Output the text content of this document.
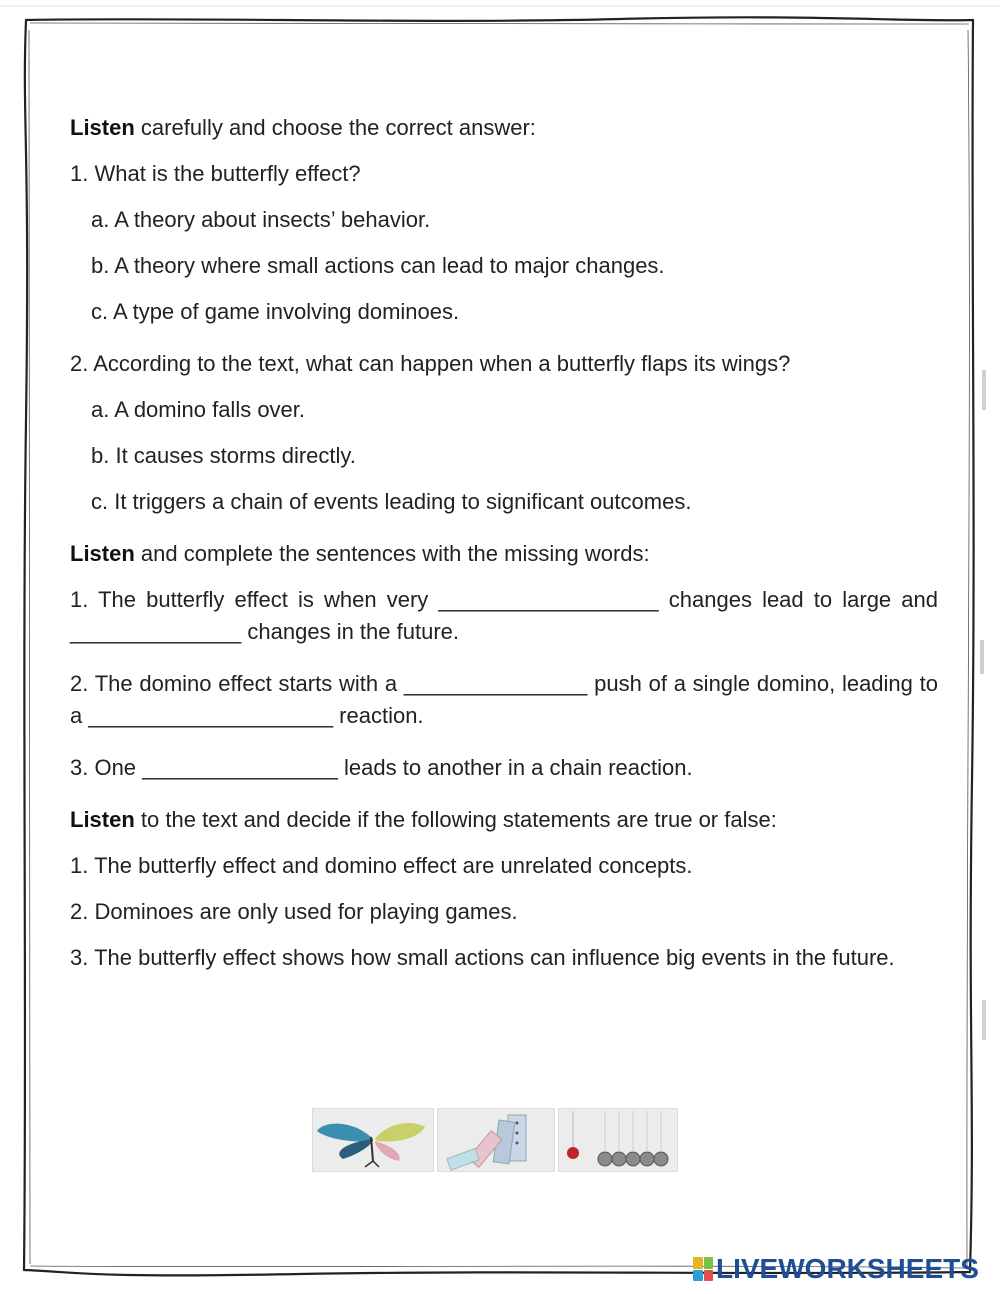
Listen carefully and choose the correct answer:

1. What is the butterfly effect?

a. A theory about insects’ behavior.

b. A theory where small actions can lead to major changes.

c. A type of game involving dominoes.

2. According to the text, what can happen when a butterfly flaps its wings?

a. A domino falls over.

b. It causes storms directly.

c. It triggers a chain of events leading to significant outcomes.

Listen and complete the sentences with the missing words:

1. The butterfly effect is when very __________________ changes lead to large and ______________ changes in the future.

2. The domino effect starts with a _______________ push of a single domino, leading to a ____________________ reaction.

3. One ________________ leads to another in a chain reaction.

Listen to the text and decide if the following statements are true or false:

1. The butterfly effect and domino effect are unrelated concepts.

2. Dominoes are only used for playing games.

3. The butterfly effect shows how small actions can influence big events in the future.

LIVEWORKSHEETS
